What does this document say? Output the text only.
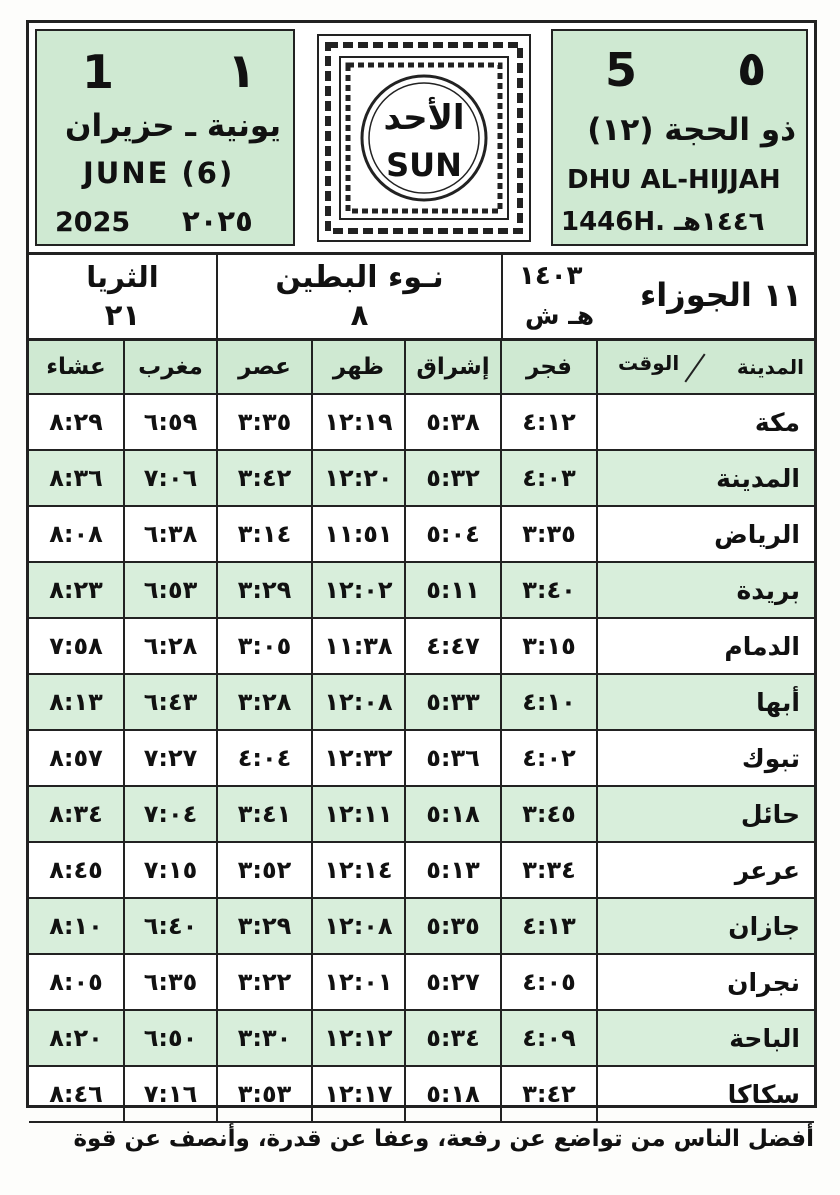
1 ١
يونية ـ حزيران
JUNE (6)
2025 ٢٠٢٥
الأحد
SUN
5 ٥
ذو الحجة (١٢)
DHU AL-HIJJAH
1446H. ١٤٤٦هـ
الثريا
٢١
نـوء البطين
٨
١٤٠٣
هـ ش
١١ الجوزاء
عشاء	مغرب	عصر	ظهر	إشراق	فجر	الوقت المدينة

٨:٢٩	٦:٥٩	٣:٣٥	١٢:١٩	٥:٣٨	٤:١٢	مكة
٨:٣٦	٧:٠٦	٣:٤٢	١٢:٢٠	٥:٣٢	٤:٠٣	المدينة
٨:٠٨	٦:٣٨	٣:١٤	١١:٥١	٥:٠٤	٣:٣٥	الرياض
٨:٢٣	٦:٥٣	٣:٢٩	١٢:٠٢	٥:١١	٣:٤٠	بريدة
٧:٥٨	٦:٢٨	٣:٠٥	١١:٣٨	٤:٤٧	٣:١٥	الدمام
٨:١٣	٦:٤٣	٣:٢٨	١٢:٠٨	٥:٣٣	٤:١٠	أبها
٨:٥٧	٧:٢٧	٤:٠٤	١٢:٣٢	٥:٣٦	٤:٠٢	تبوك
٨:٣٤	٧:٠٤	٣:٤١	١٢:١١	٥:١٨	٣:٤٥	حائل
٨:٤٥	٧:١٥	٣:٥٢	١٢:١٤	٥:١٣	٣:٣٤	عرعر
٨:١٠	٦:٤٠	٣:٢٩	١٢:٠٨	٥:٣٥	٤:١٣	جازان
٨:٠٥	٦:٣٥	٣:٢٢	١٢:٠١	٥:٢٧	٤:٠٥	نجران
٨:٢٠	٦:٥٠	٣:٣٠	١٢:١٢	٥:٣٤	٤:٠٩	الباحة
٨:٤٦	٧:١٦	٣:٥٣	١٢:١٧	٥:١٨	٣:٤٢	سكاكا
أفضل الناس من تواضع عن رفعة، وعفا عن قدرة، وأنصف عن قوة
